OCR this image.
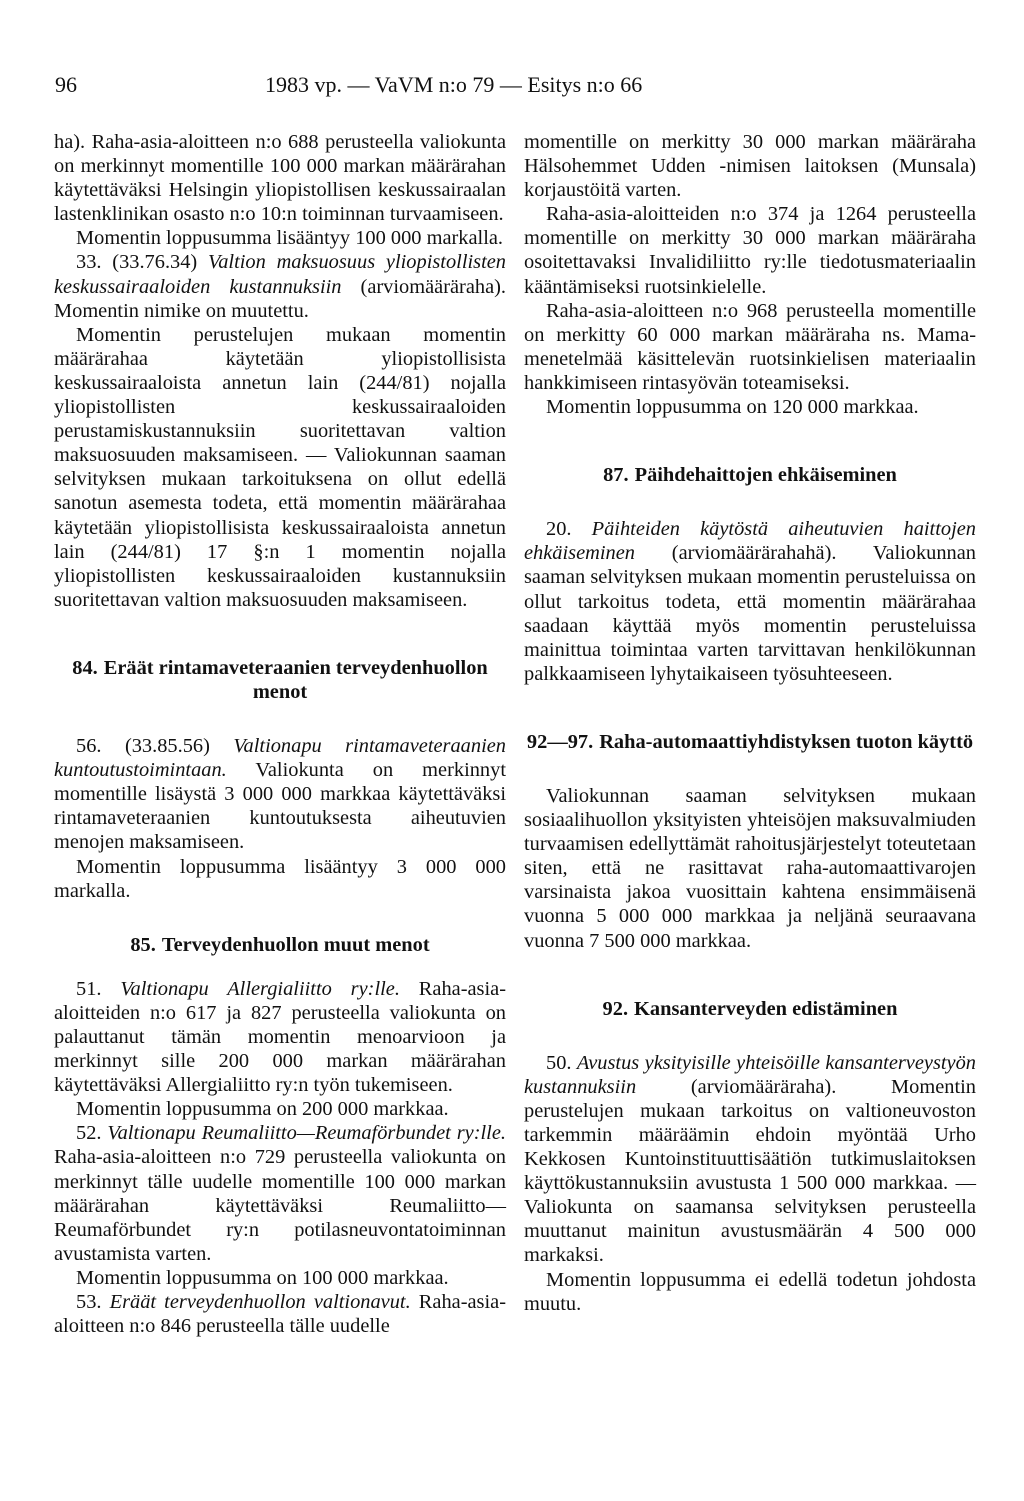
96	1983 vp. — VaVM n:o 79 — Esitys n:o 66

ha). Raha-asia-aloitteen n:o 688 perusteella valiokunta on merkinnyt momentille 100 000 markan määrärahan käytettäväksi Helsingin yliopistollisen keskussairaalan lastenklinikan osasto n:o 10:n toiminnan turvaamiseen.

Momentin loppusumma lisääntyy 100 000 markalla.

33. (33.76.34) Valtion maksuosuus yliopistollisten keskussairaaloiden kustannuksiin (arviomääräraha). Momentin nimike on muutettu.

Momentin perustelujen mukaan momentin määrärahaa käytetään yliopistollisista keskussairaaloista annetun lain (244/81) nojalla yliopistollisten keskussairaaloiden perustamiskustannuksiin suoritettavan valtion maksuosuuden maksamiseen. — Valiokunnan saaman selvityksen mukaan tarkoituksena on ollut edellä sanotun asemesta todeta, että momentin määrärahaa käytetään yliopistollisista keskussairaaloista annetun lain (244/81) 17 §:n 1 momentin nojalla yliopistollisten keskussairaaloiden kustannuksiin suoritettavan valtion maksuosuuden maksamiseen.

84. Eräät rintamaveteraanien terveydenhuollon menot

56. (33.85.56) Valtionapu rintamaveteraanien kuntoutustoimintaan. Valiokunta on merkinnyt momentille lisäystä 3 000 000 markkaa käytettäväksi rintamaveteraanien kuntoutuksesta aiheutuvien menojen maksamiseen.

Momentin loppusumma lisääntyy 3 000 000 markalla.

85. Terveydenhuollon muut menot

51. Valtionapu Allergialiitto ry:lle. Raha-asia-aloitteiden n:o 617 ja 827 perusteella valiokunta on palauttanut tämän momentin menoarvioon ja merkinnyt sille 200 000 markan määrärahan käytettäväksi Allergialiitto ry:n työn tukemiseen.

Momentin loppusumma on 200 000 markkaa.

52. Valtionapu Reumaliitto—Reumaförbundet ry:lle. Raha-asia-aloitteen n:o 729 perusteella valiokunta on merkinnyt tälle uudelle momentille 100 000 markan määrärahan käytettäväksi Reumaliitto—Reumaförbundet ry:n potilasneuvontatoiminnan avustamista varten.

Momentin loppusumma on 100 000 markkaa.

53. Eräät terveydenhuollon valtionavut. Raha-asia-aloitteen n:o 846 perusteella tälle uudelle

momentille on merkitty 30 000 markan määräraha Hälsohemmet Udden -nimisen laitoksen (Munsala) korjaustöitä varten.

Raha-asia-aloitteiden n:o 374 ja 1264 perusteella momentille on merkitty 30 000 markan määräraha osoitettavaksi Invalidiliitto ry:lle tiedotusmateriaalin kääntämiseksi ruotsinkielelle.

Raha-asia-aloitteen n:o 968 perusteella momentille on merkitty 60 000 markan määräraha ns. Mama-menetelmää käsittelevän ruotsinkielisen materiaalin hankkimiseen rintasyövän toteamiseksi.

Momentin loppusumma on 120 000 markkaa.

87. Päihdehaittojen ehkäiseminen

20. Päihteiden käytöstä aiheutuvien haittojen ehkäiseminen (arviomäärärahahä). Valiokunnan saaman selvityksen mukaan momentin perusteluissa on ollut tarkoitus todeta, että momentin määrärahaa saadaan käyttää myös momentin perusteluissa mainittua toimintaa varten tarvittavan henkilökunnan palkkaamiseen lyhytaikaiseen työsuhteeseen.

92—97. Raha-automaattiyhdistyksen tuoton käyttö

Valiokunnan saaman selvityksen mukaan sosiaalihuollon yksityisten yhteisöjen maksuvalmiuden turvaamisen edellyttämät rahoitusjärjestelyt toteutetaan siten, että ne rasittavat raha-automaattivarojen varsinaista jakoa vuosittain kahtena ensimmäisenä vuonna 5 000 000 markkaa ja neljänä seuraavana vuonna 7 500 000 markkaa.

92. Kansanterveyden edistäminen

50. Avustus yksityisille yhteisöille kansanterveystyön kustannuksiin (arviomääräraha). Momentin perustelujen mukaan tarkoitus on valtioneuvoston tarkemmin määräämin ehdoin myöntää Urho Kekkosen Kuntoinstituuttisäätiön tutkimuslaitoksen käyttökustannuksiin avustusta 1 500 000 markkaa. — Valiokunta on saamansa selvityksen perusteella muuttanut mainitun avustusmäärän 4 500 000 markaksi.

Momentin loppusumma ei edellä todetun johdosta muutu.
